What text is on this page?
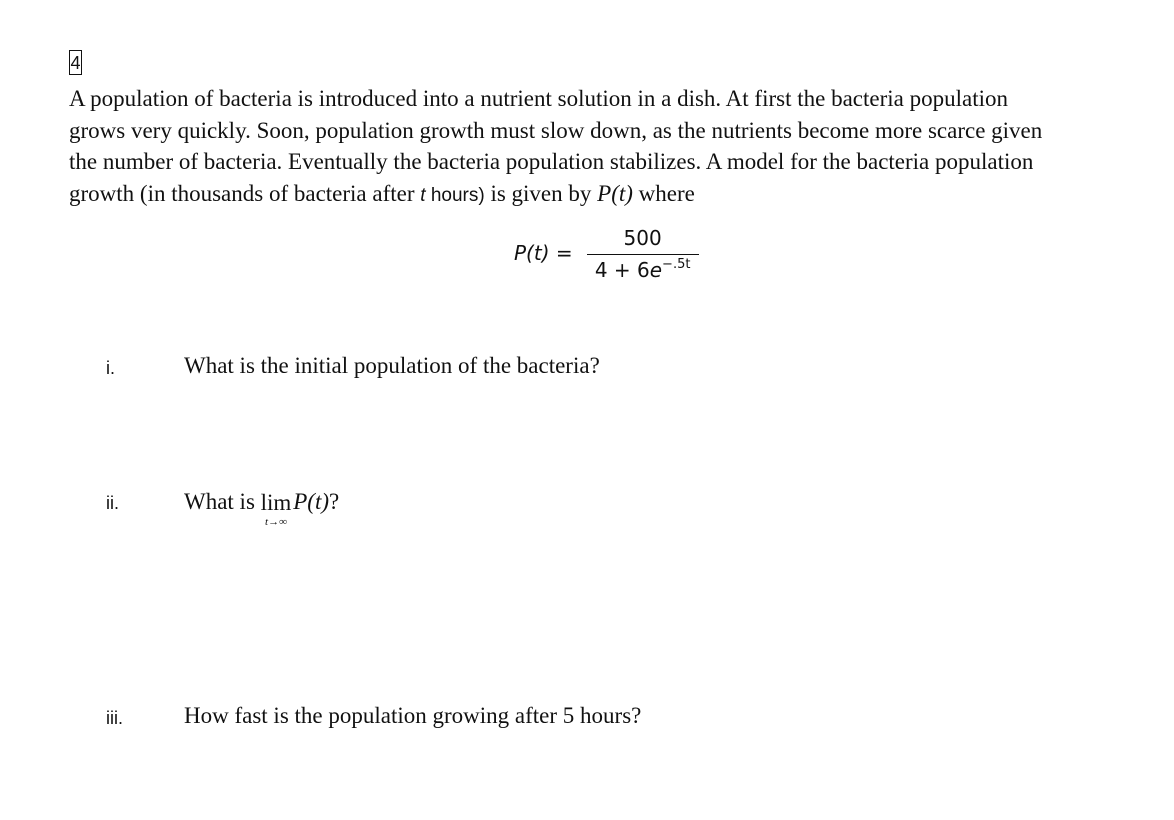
4

A population of bacteria is introduced into a nutrient solution in a dish. At first the bacteria population
grows very quickly. Soon, population growth must slow down, as the nutrients become more scarce given
the number of bacteria. Eventually the bacteria population stabilizes. A model for the bacteria population
growth (in thousands of bacteria after t hours) is given by P(t) where

$P(t) = \frac{500}{4 + 6e^{-.5t}}$
i.	What is the initial population of the bacteria?
ii.	What is lim
t→∞
 P(t)?
iii.	How fast is the population growing after 5 hours?
